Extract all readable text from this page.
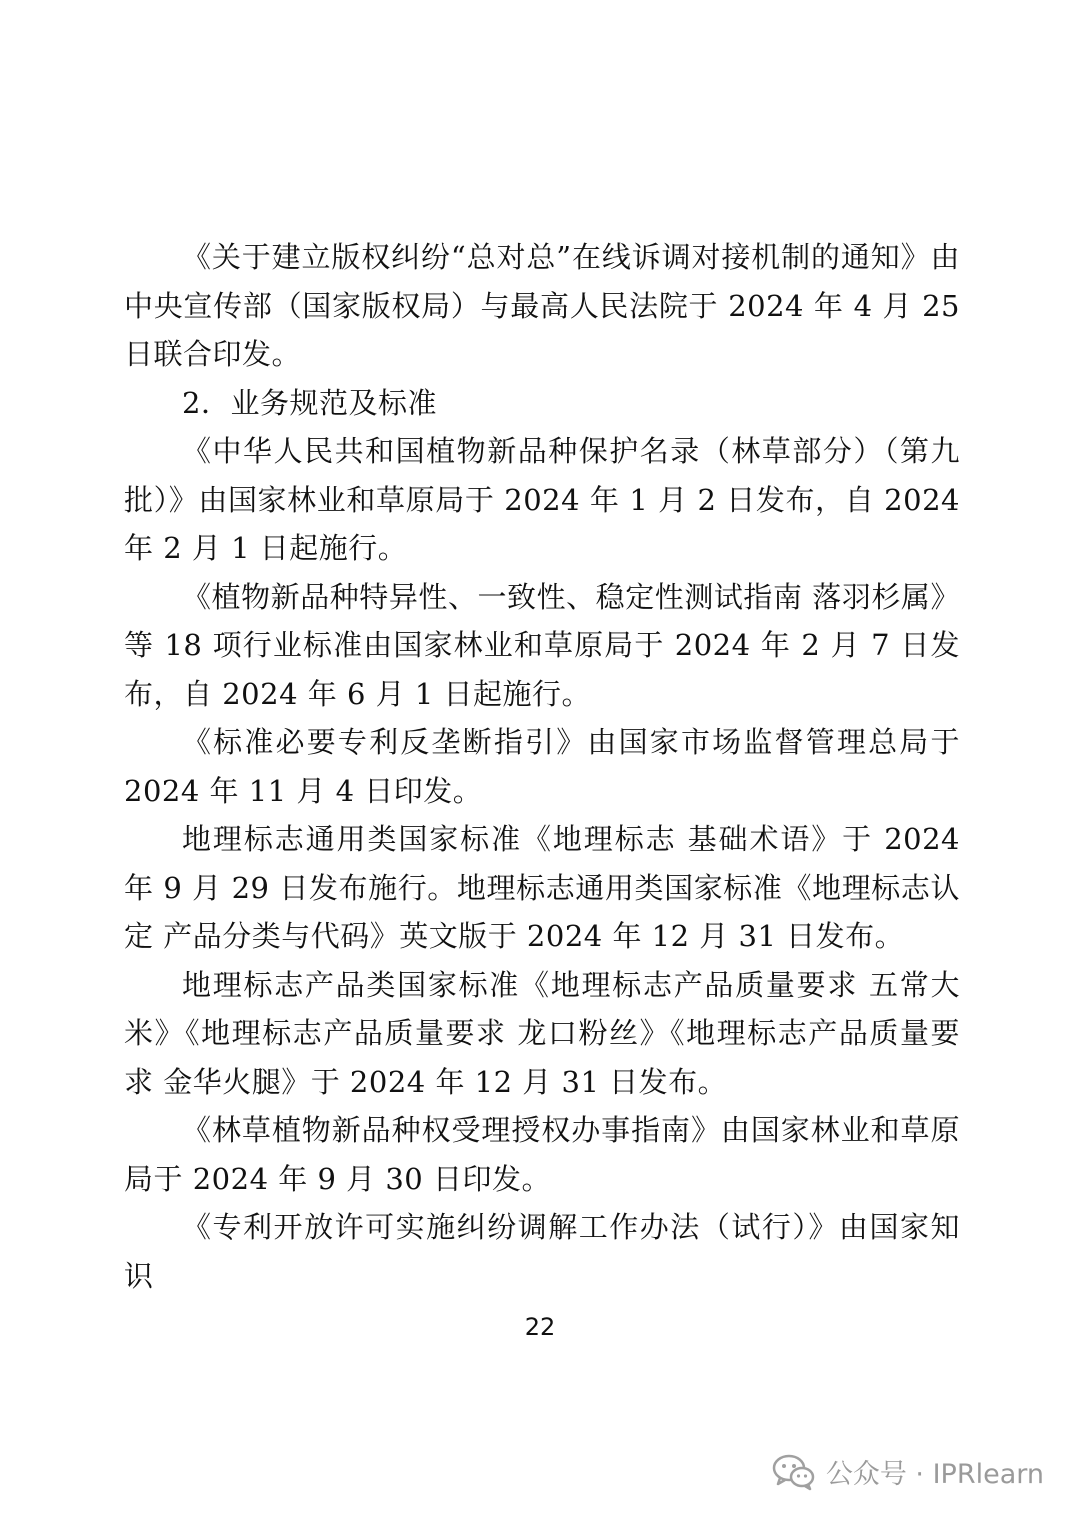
《关于建立版权纠纷“总对总”在线诉调对接机制的通知》由中央宣传部（国家版权局）与最高人民法院于 2024 年 4 月 25 日联合印发。

2．业务规范及标准

《中华人民共和国植物新品种保护名录（林草部分）（第九批）》由国家林业和草原局于 2024 年 1 月 2 日发布，自 2024 年 2 月 1 日起施行。

《植物新品种特异性、一致性、稳定性测试指南 落羽杉属》等 18 项行业标准由国家林业和草原局于 2024 年 2 月 7 日发布，自 2024 年 6 月 1 日起施行。

《标准必要专利反垄断指引》由国家市场监督管理总局于 2024 年 11 月 4 日印发。

地理标志通用类国家标准《地理标志 基础术语》于 2024 年 9 月 29 日发布施行。地理标志通用类国家标准《地理标志认定 产品分类与代码》英文版于 2024 年 12 月 31 日发布。

地理标志产品类国家标准《地理标志产品质量要求 五常大米》《地理标志产品质量要求 龙口粉丝》《地理标志产品质量要求 金华火腿》于 2024 年 12 月 31 日发布。

《林草植物新品种权受理授权办事指南》由国家林业和草原局于 2024 年 9 月 30 日印发。

《专利开放许可实施纠纷调解工作办法（试行）》由国家知识

22
公众号 · IPRlearn
